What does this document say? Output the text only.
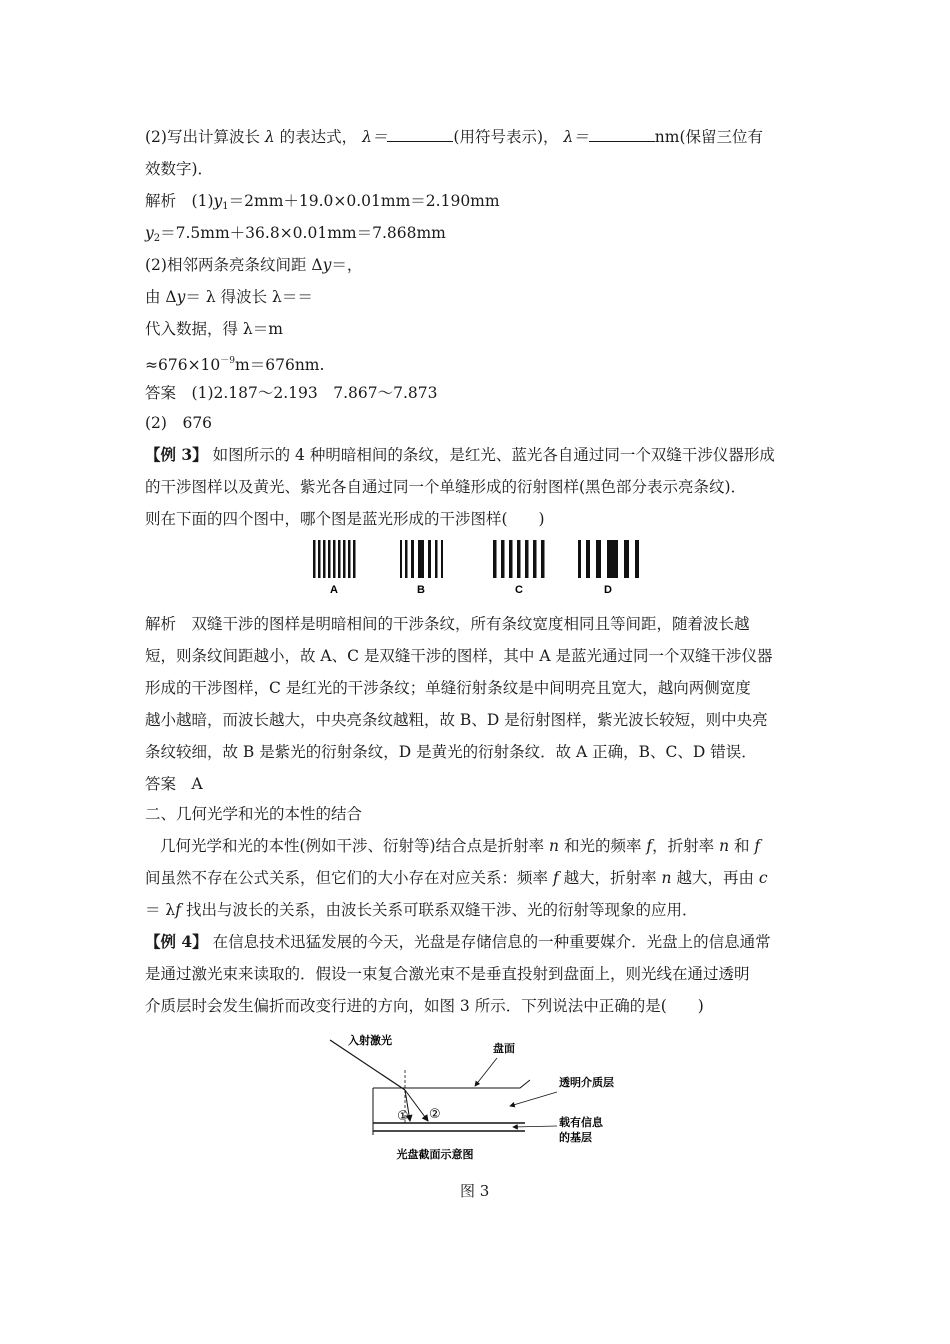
(2)写出计算波长 λ 的表达式， λ＝	(用符号表示)， λ＝	nm(保留三位有
效数字)．
解析　 $(1)y_1=2mm+19.0\times 0.01mm=2.190mm$
$y_2=7.5mm+36.8\times 0.01mm=7.868mm$
(2)相邻两条亮条纹间距 Δy＝，
由 Δy＝ λ 得波长 λ＝＝
代入数据，得 λ＝m
$\approx 676\times 10^{-9}m=676nm$.
答案　 (1)2.187～2.193　7.867～7.873
(2)　676
【例 3】 如图所示的 4 种明暗相间的条纹，是红光、蓝光各自通过同一个双缝干涉仪器形成
的干涉图样以及黄光、紫光各自通过同一个单缝形成的衍射图样(黑色部分表示亮条纹)．
则在下面的四个图中，哪个图是蓝光形成的干涉图样(　　)
A	B	C	D
解析　 双缝干涉的图样是明暗相间的干涉条纹，所有条纹宽度相同且等间距，随着波长越
短，则条纹间距越小，故 A、C 是双缝干涉的图样，其中 A 是蓝光通过同一个双缝干涉仪器
形成的干涉图样，C 是红光的干涉条纹；单缝衍射条纹是中间明亮且宽大，越向两侧宽度
越小越暗，而波长越大，中央亮条纹越粗，故 B、D 是衍射图样，紫光波长较短，则中央亮
条纹较细，故 B 是紫光的衍射条纹，D 是黄光的衍射条纹．故 A 正确，B、C、D 错误．
答案　 A
二、几何光学和光的本性的结合
几何光学和光的本性(例如干涉、衍射等)结合点是折射率 n 和光的频率 f，折射率 n 和 f
间虽然不存在公式关系，但它们的大小存在对应关系：频率 f 越大，折射率 n 越大，再由 c
＝ λf 找出与波长的关系，由波长关系可联系双缝干涉、光的衍射等现象的应用．
【例 4】 在信息技术迅猛发展的今天，光盘是存储信息的一种重要媒介．光盘上的信息通常
是通过激光束来读取的．假设一束复合激光束不是垂直投射到盘面上，则光线在通过透明
介质层时会发生偏折而改变行进的方向，如图 3 所示．下列说法中正确的是(　　)
入射激光
盘面
透明介质层
载有信息
的基层
① ②
光盘截面示意图
图 3
